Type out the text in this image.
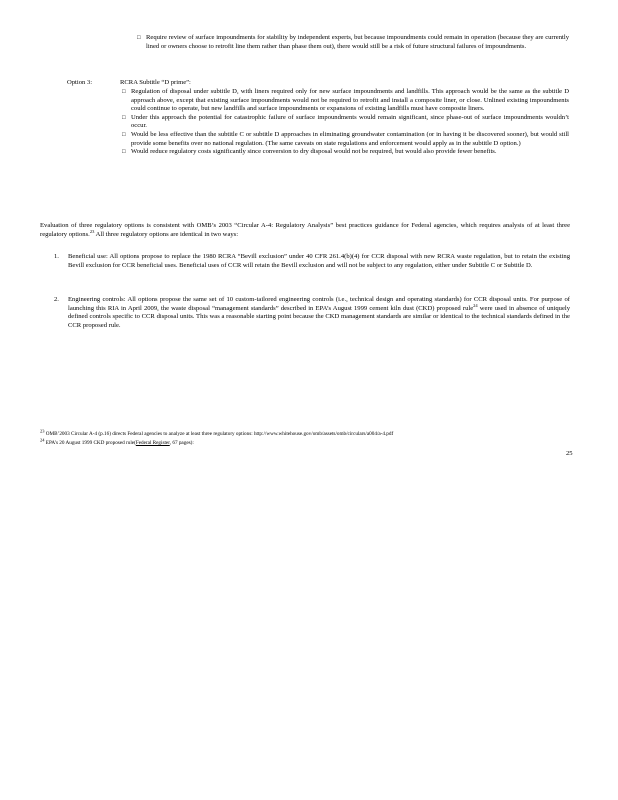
□ Require review of surface impoundments for stability by independent experts, but because impoundments could remain in operation (because they are currently lined or owners choose to retrofit line them rather than phase them out), there would still be a risk of future structural failures of impoundments.
Option 3:	RCRA Subtitle “D prime”:
□ Regulation of disposal under subtitle D, with liners required only for new surface impoundments and landfills. This approach would be the same as the subtitle D approach above, except that existing surface impoundments would not be required to retrofit and install a composite liner, or close. Unlined existing impoundments could continue to operate, but new landfills and surface impoundments or expansions of existing landfills must have composite liners.
□ Under this approach the potential for catastrophic failure of surface impoundments would remain significant, since phase-out of surface impoundments wouldn’t occur.
□ Would be less effective than the subtitle C or subtitle D approaches in eliminating groundwater contamination (or in having it be discovered sooner), but would still provide some benefits over no national regulation. (The same caveats on state regulations and enforcement would apply as in the subtitle D option.)
□ Would reduce regulatory costs significantly since conversion to dry disposal would not be required, but would also provide fewer benefits.
Evaluation of three regulatory options is consistent with OMB’s 2003 “Circular A-4: Regulatory Analysis” best practices guidance for Federal agencies, which requires analysis of at least three regulatory options.$^{23}$ All three regulatory options are identical in two ways:
1.	Beneficial use: All options propose to replace the 1980 RCRA “Bevill exclusion” under 40 CFR 261.4(b)(4) for CCR disposal with new RCRA waste regulation, but to retain the existing Bevill exclusion for CCR beneficial uses. Beneficial uses of CCR will retain the Bevill exclusion and will not be subject to any regulation, either under Subtitle C or Subtitle D.
2.	Engineering controls: All options propose the same set of 10 custom-tailored engineering controls (i.e., technical design and operating standards) for CCR disposal units. For purpose of launching this RIA in April 2009, the waste disposal “management standards” described in EPA’s August 1999 cement kiln dust (CKD) proposed rule$^{24}$ were used in absence of uniquely defined controls specific to CCR disposal units. This was a reasonable starting point because the CKD management standards are similar or identical to the technical standards defined in the CCR proposed rule.
$^{23}$ OMB’2003 Circular A-4 (p.16) directs Federal agencies to analyze at least three regulatory options: http://www.whitehouse.gov/omb/assets/omb/circulars/a004/a-4.pdf
$^{24}$ EPA’s 20 August 1999 CKD proposed rule(Federal Register, 67 pages):
25
